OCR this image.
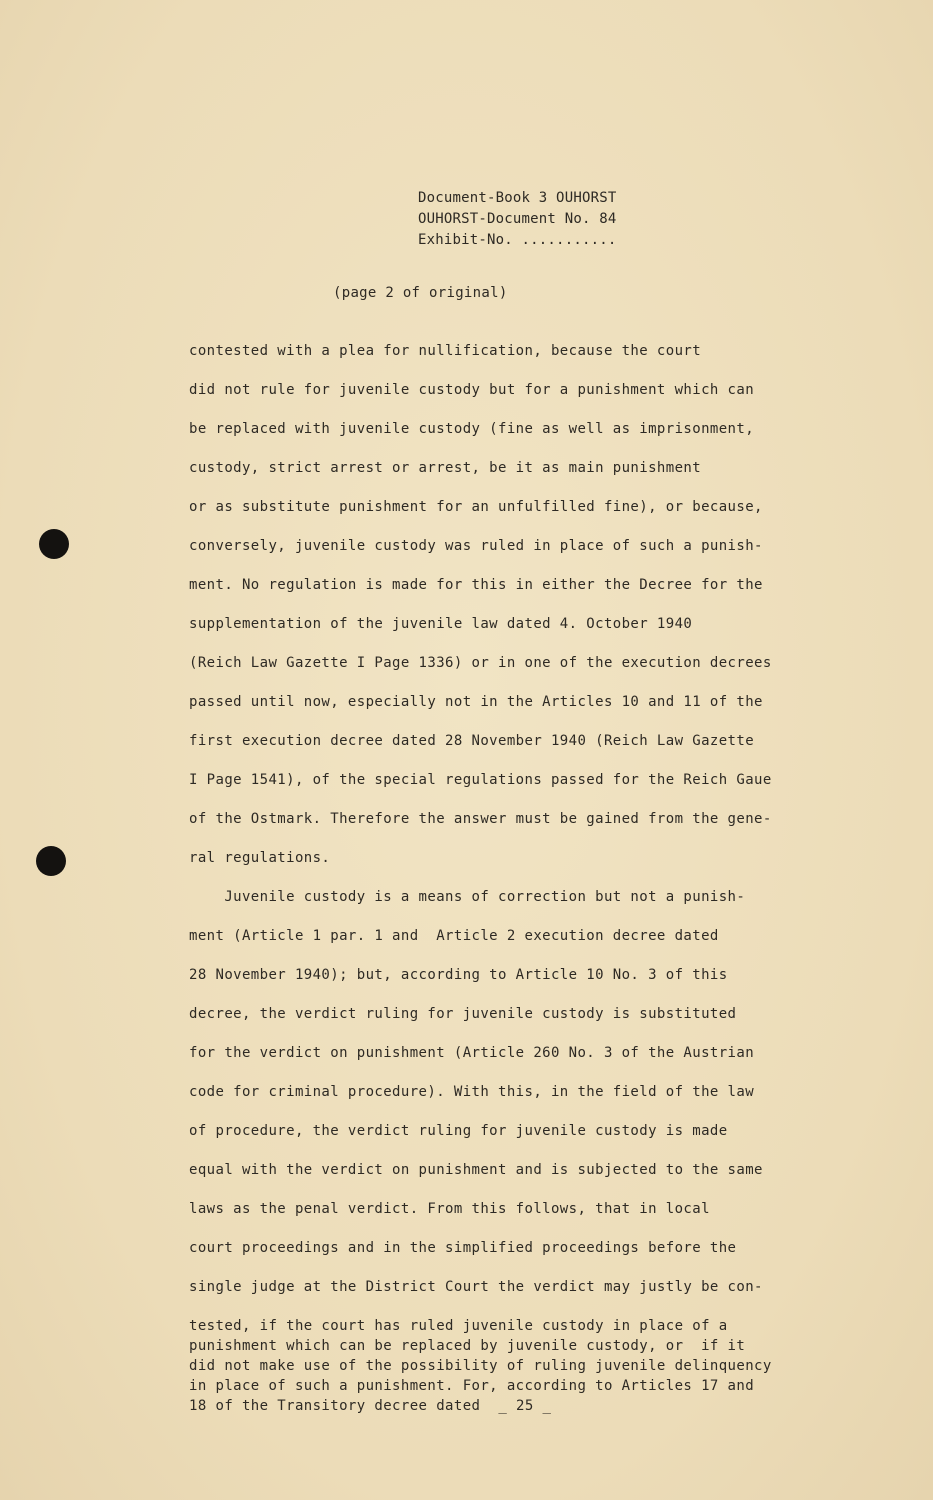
Document-Book 3 OUHORST
OUHORST-Document No. 84
Exhibit-No. ...........
(page 2 of original)
contested with a plea for nullification, because the court
did not rule for juvenile custody but for a punishment which can
be replaced with juvenile custody (fine as well as imprisonment,
custody, strict arrest or arrest, be it as main punishment
or as substitute punishment for an unfulfilled fine), or because,
conversely, juvenile custody was ruled in place of such a punish-
ment. No regulation is made for this in either the Decree for the
supplementation of the juvenile law dated 4. October 1940
(Reich Law Gazette I Page 1336) or in one of the execution decrees
passed until now, especially not in the Articles 10 and 11 of the
first execution decree dated 28 November 1940 (Reich Law Gazette
I Page 1541), of the special regulations passed for the Reich Gaue
of the Ostmark. Therefore the answer must be gained from the gene-
ral regulations.
Juvenile custody is a means of correction but not a punish-
ment (Article 1 par. 1 and  Article 2 execution decree dated
28 November 1940); but, according to Article 10 No. 3 of this
decree, the verdict ruling for juvenile custody is substituted
for the verdict on punishment (Article 260 No. 3 of the Austrian
code for criminal procedure). With this, in the field of the law
of procedure, the verdict ruling for juvenile custody is made
equal with the verdict on punishment and is subjected to the same
laws as the penal verdict. From this follows, that in local
court proceedings and in the simplified proceedings before the
single judge at the District Court the verdict may justly be con-
tested, if the court has ruled juvenile custody in place of a
punishment which can be replaced by juvenile custody, or  if it
did not make use of the possibility of ruling juvenile delinquency
in place of such a punishment. For, according to Articles 17 and
18 of the Transitory decree dated _ 25 _
